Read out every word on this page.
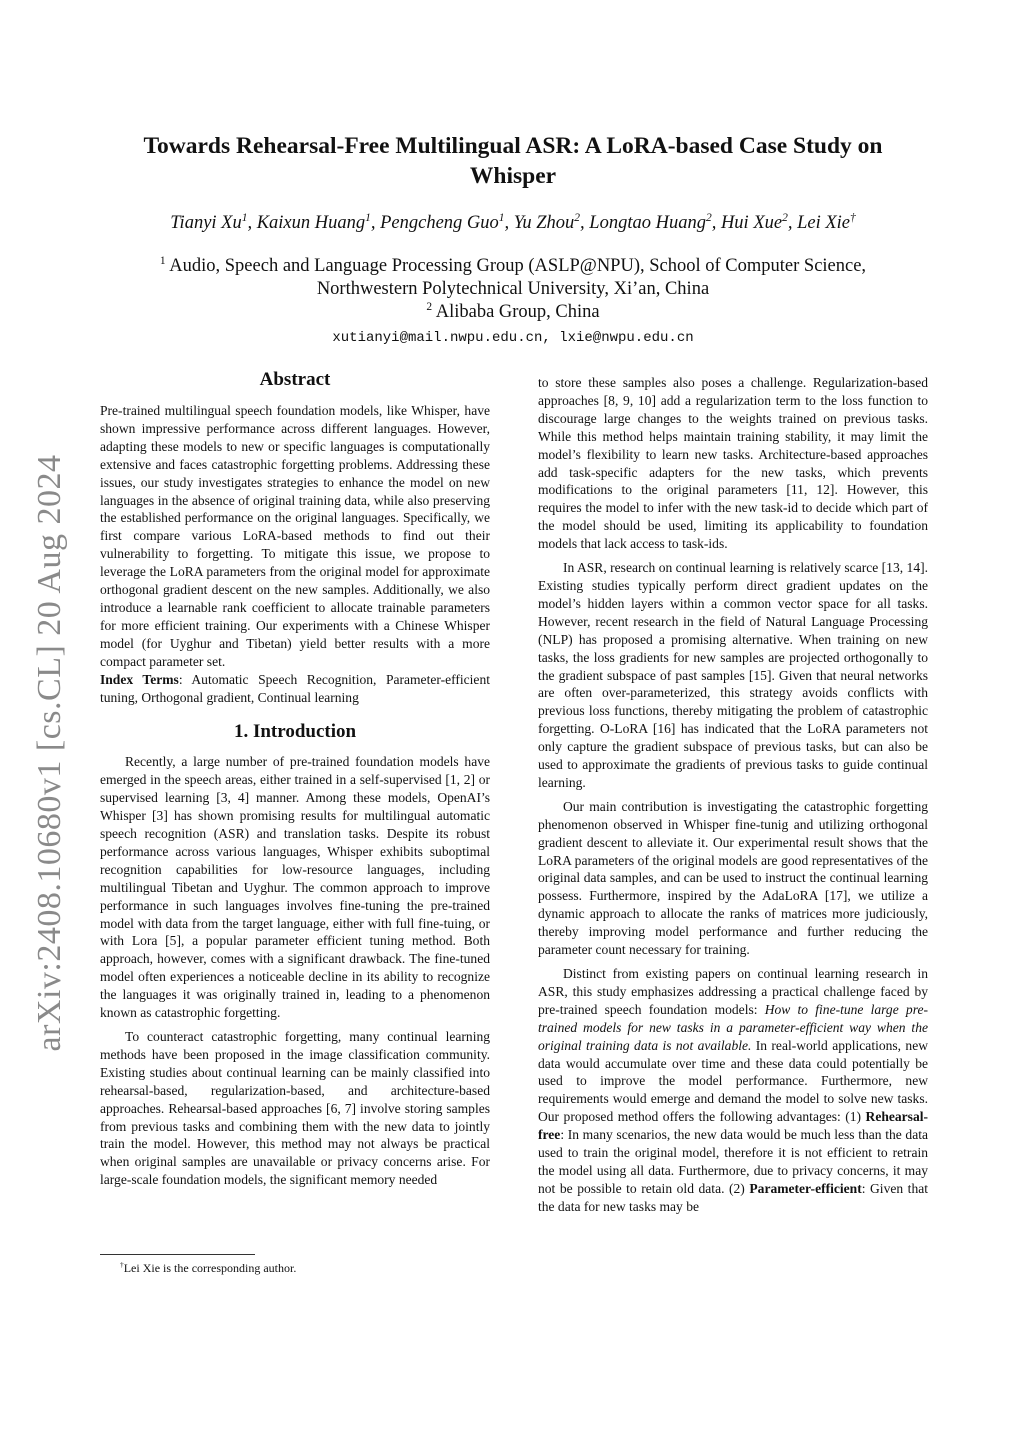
arXiv:2408.10680v1 [cs.CL] 20 Aug 2024
Towards Rehearsal-Free Multilingual ASR: A LoRA-based Case Study on
Whisper
Tianyi Xu$^1$, Kaixun Huang$^1$, Pengcheng Guo$^1$, Yu Zhou$^2$, Longtao Huang$^2$, Hui Xue$^2$, Lei Xie†
$^1$ Audio, Speech and Language Processing Group (ASLP@NPU), School of Computer Science,
Northwestern Polytechnical University, Xi’an, China
$^2$ Alibaba Group, China
xutianyi@mail.nwpu.edu.cn, lxie@nwpu.edu.cn
Abstract

Pre-trained multilingual speech foundation models, like Whisper, have shown impressive performance across different languages. However, adapting these models to new or specific languages is computationally extensive and faces catastrophic forgetting problems. Addressing these issues, our study investigates strategies to enhance the model on new languages in the absence of original training data, while also preserving the established performance on the original languages. Specifically, we first compare various LoRA-based methods to find out their vulnerability to forgetting. To mitigate this issue, we propose to leverage the LoRA parameters from the original model for approximate orthogonal gradient descent on the new samples. Additionally, we also introduce a learnable rank coefficient to allocate trainable parameters for more efficient training. Our experiments with a Chinese Whisper model (for Uyghur and Tibetan) yield better results with a more compact parameter set.

Index Terms: Automatic Speech Recognition, Parameter-efficient tuning, Orthogonal gradient, Continual learning

1. Introduction

Recently, a large number of pre-trained foundation models have emerged in the speech areas, either trained in a self-supervised [1, 2] or supervised learning [3, 4] manner. Among these models, OpenAI’s Whisper [3] has shown promising results for multilingual automatic speech recognition (ASR) and translation tasks. Despite its robust performance across various languages, Whisper exhibits suboptimal recognition capabilities for low-resource languages, including multilingual Tibetan and Uyghur. The common approach to improve performance in such languages involves fine-tuning the pre-trained model with data from the target language, either with full fine-tuing, or with Lora [5], a popular parameter efficient tuning method. Both approach, however, comes with a significant drawback. The fine-tuned model often experiences a noticeable decline in its ability to recognize the languages it was originally trained in, leading to a phenomenon known as catastrophic forgetting.

To counteract catastrophic forgetting, many continual learning methods have been proposed in the image classification community. Existing studies about continual learning can be mainly classified into rehearsal-based, regularization-based, and architecture-based approaches. Rehearsal-based approaches [6, 7] involve storing samples from previous tasks and combining them with the new data to jointly train the model. However, this method may not always be practical when original samples are unavailable or privacy concerns arise. For large-scale foundation models, the significant memory needed

†Lei Xie is the corresponding author.

to store these samples also poses a challenge. Regularization-based approaches [8, 9, 10] add a regularization term to the loss function to discourage large changes to the weights trained on previous tasks. While this method helps maintain training stability, it may limit the model’s flexibility to learn new tasks. Architecture-based approaches add task-specific adapters for the new tasks, which prevents modifications to the original parameters [11, 12]. However, this requires the model to infer with the new task-id to decide which part of the model should be used, limiting its applicability to foundation models that lack access to task-ids.

In ASR, research on continual learning is relatively scarce [13, 14]. Existing studies typically perform direct gradient updates on the model’s hidden layers within a common vector space for all tasks. However, recent research in the field of Natural Language Processing (NLP) has proposed a promising alternative. When training on new tasks, the loss gradients for new samples are projected orthogonally to the gradient subspace of past samples [15]. Given that neural networks are often over-parameterized, this strategy avoids conflicts with previous loss functions, thereby mitigating the problem of catastrophic forgetting. O-LoRA [16] has indicated that the LoRA parameters not only capture the gradient subspace of previous tasks, but can also be used to approximate the gradients of previous tasks to guide continual learning.

Our main contribution is investigating the catastrophic forgetting phenomenon observed in Whisper fine-tunig and utilizing orthogonal gradient descent to alleviate it. Our experimental result shows that the LoRA parameters of the original models are good representatives of the original data samples, and can be used to instruct the continual learning possess. Furthermore, inspired by the AdaLoRA [17], we utilize a dynamic approach to allocate the ranks of matrices more judiciously, thereby improving model performance and further reducing the parameter count necessary for training.

Distinct from existing papers on continual learning research in ASR, this study emphasizes addressing a practical challenge faced by pre-trained speech foundation models: How to fine-tune large pre-trained models for new tasks in a parameter-efficient way when the original training data is not available. In real-world applications, new data would accumulate over time and these data could potentially be used to improve the model performance. Furthermore, new requirements would emerge and demand the model to solve new tasks. Our proposed method offers the following advantages: (1) Rehearsal-free: In many scenarios, the new data would be much less than the data used to train the original model, therefore it is not efficient to retrain the model using all data. Furthermore, due to privacy concerns, it may not be possible to retain old data. (2) Parameter-efficient: Given that the data for new tasks may be
